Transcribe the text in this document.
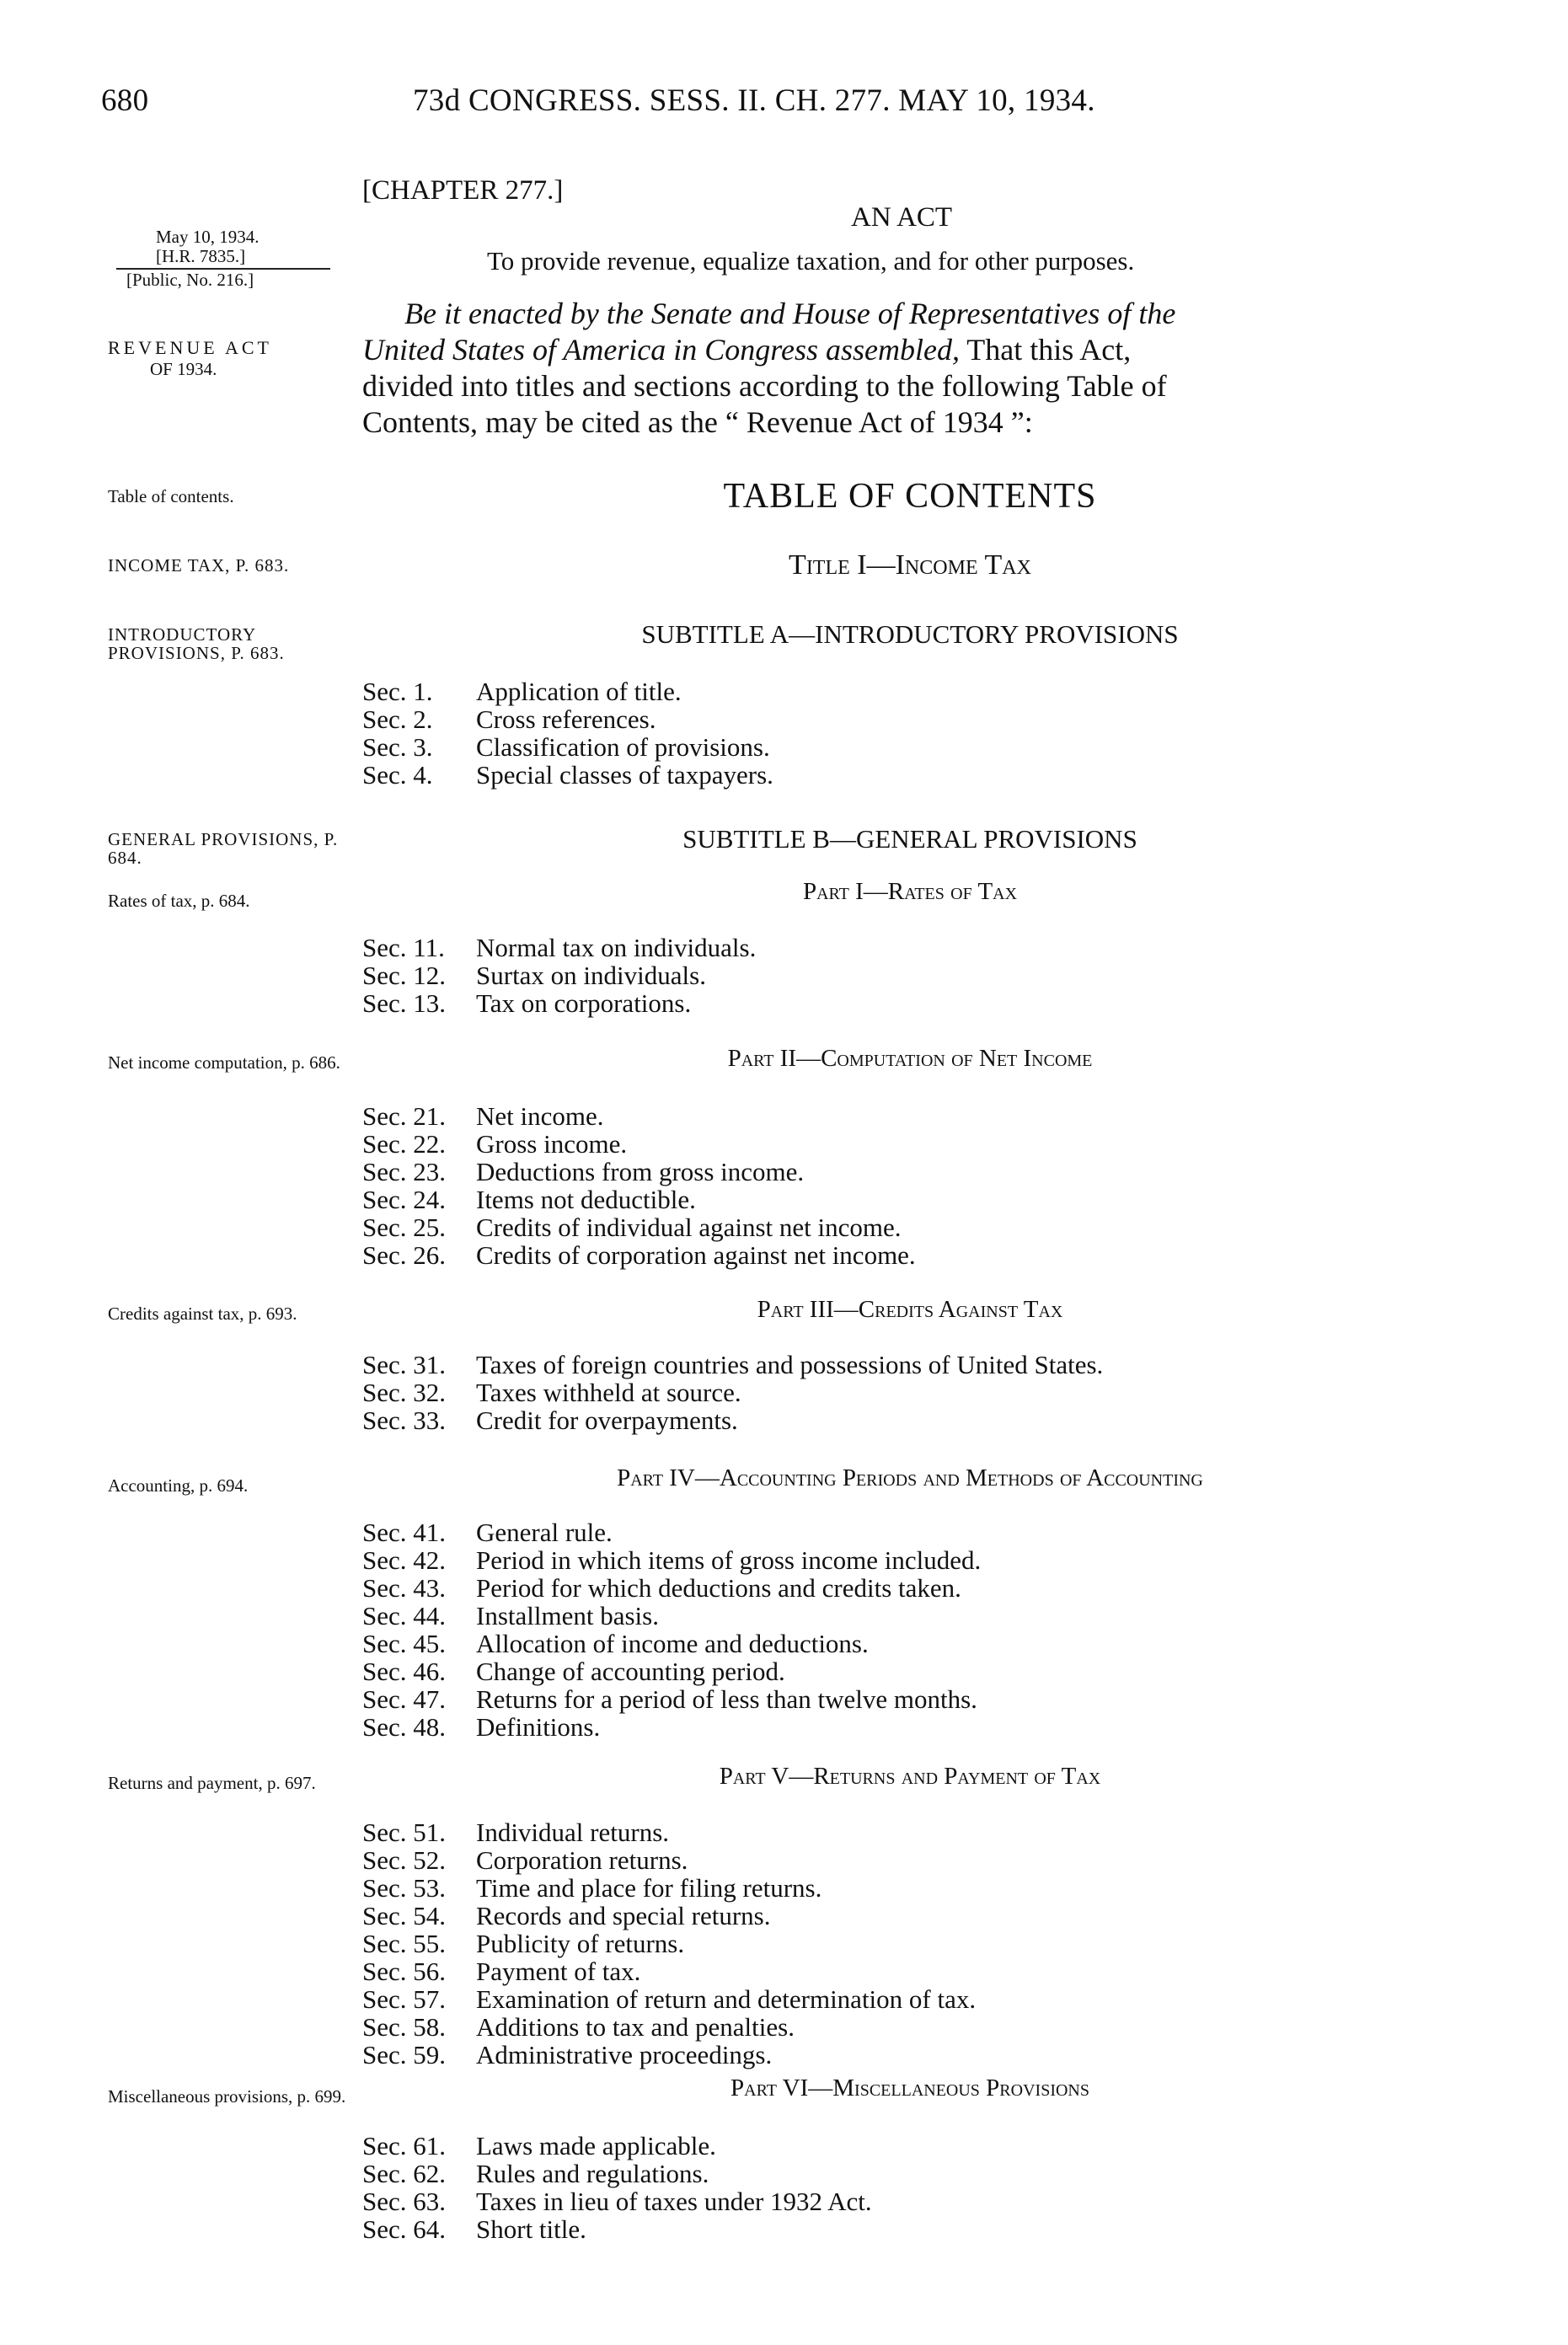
680	73d CONGRESS. SESS. II. CH. 277. MAY 10, 1934.
May 10, 1934.
[H.R. 7835.]
[Public, No. 216.]
REVENUE ACT
OF 1934.
Table of contents.
INCOME TAX, P. 683.
INTRODUCTORY PROVISIONS, P. 683.
GENERAL PROVISIONS, P. 684.
Rates of tax, p. 684.
Net income computation, p. 686.
Credits against tax, p. 693.
Accounting, p. 694.
Returns and payment, p. 697.
Miscellaneous provisions, p. 699.
[CHAPTER 277.]
AN ACT
To provide revenue, equalize taxation, and for other purposes.
Be it enacted by the Senate and House of Representatives of the
United States of America in Congress assembled, That this Act,
divided into titles and sections according to the following Table of
Contents, may be cited as the “ Revenue Act of 1934 ”:
TABLE OF CONTENTS
Title I—Income Tax
SUBTITLE A—INTRODUCTORY PROVISIONS
Sec. 1.	Application of title.
Sec. 2.	Cross references.
Sec. 3.	Classification of provisions.
Sec. 4.	Special classes of taxpayers.
SUBTITLE B—GENERAL PROVISIONS
Part I—Rates of Tax
Sec. 11.	Normal tax on individuals.
Sec. 12.	Surtax on individuals.
Sec. 13.	Tax on corporations.
Part II—Computation of Net Income
Sec. 21.	Net income.
Sec. 22.	Gross income.
Sec. 23.	Deductions from gross income.
Sec. 24.	Items not deductible.
Sec. 25.	Credits of individual against net income.
Sec. 26.	Credits of corporation against net income.
Part III—Credits Against Tax
Sec. 31.	Taxes of foreign countries and possessions of United States.
Sec. 32.	Taxes withheld at source.
Sec. 33.	Credit for overpayments.
Part IV—Accounting Periods and Methods of Accounting
Sec. 41.	General rule.
Sec. 42.	Period in which items of gross income included.
Sec. 43.	Period for which deductions and credits taken.
Sec. 44.	Installment basis.
Sec. 45.	Allocation of income and deductions.
Sec. 46.	Change of accounting period.
Sec. 47.	Returns for a period of less than twelve months.
Sec. 48.	Definitions.
Part V—Returns and Payment of Tax
Sec. 51.	Individual returns.
Sec. 52.	Corporation returns.
Sec. 53.	Time and place for filing returns.
Sec. 54.	Records and special returns.
Sec. 55.	Publicity of returns.
Sec. 56.	Payment of tax.
Sec. 57.	Examination of return and determination of tax.
Sec. 58.	Additions to tax and penalties.
Sec. 59.	Administrative proceedings.
Part VI—Miscellaneous Provisions
Sec. 61.	Laws made applicable.
Sec. 62.	Rules and regulations.
Sec. 63.	Taxes in lieu of taxes under 1932 Act.
Sec. 64.	Short title.
